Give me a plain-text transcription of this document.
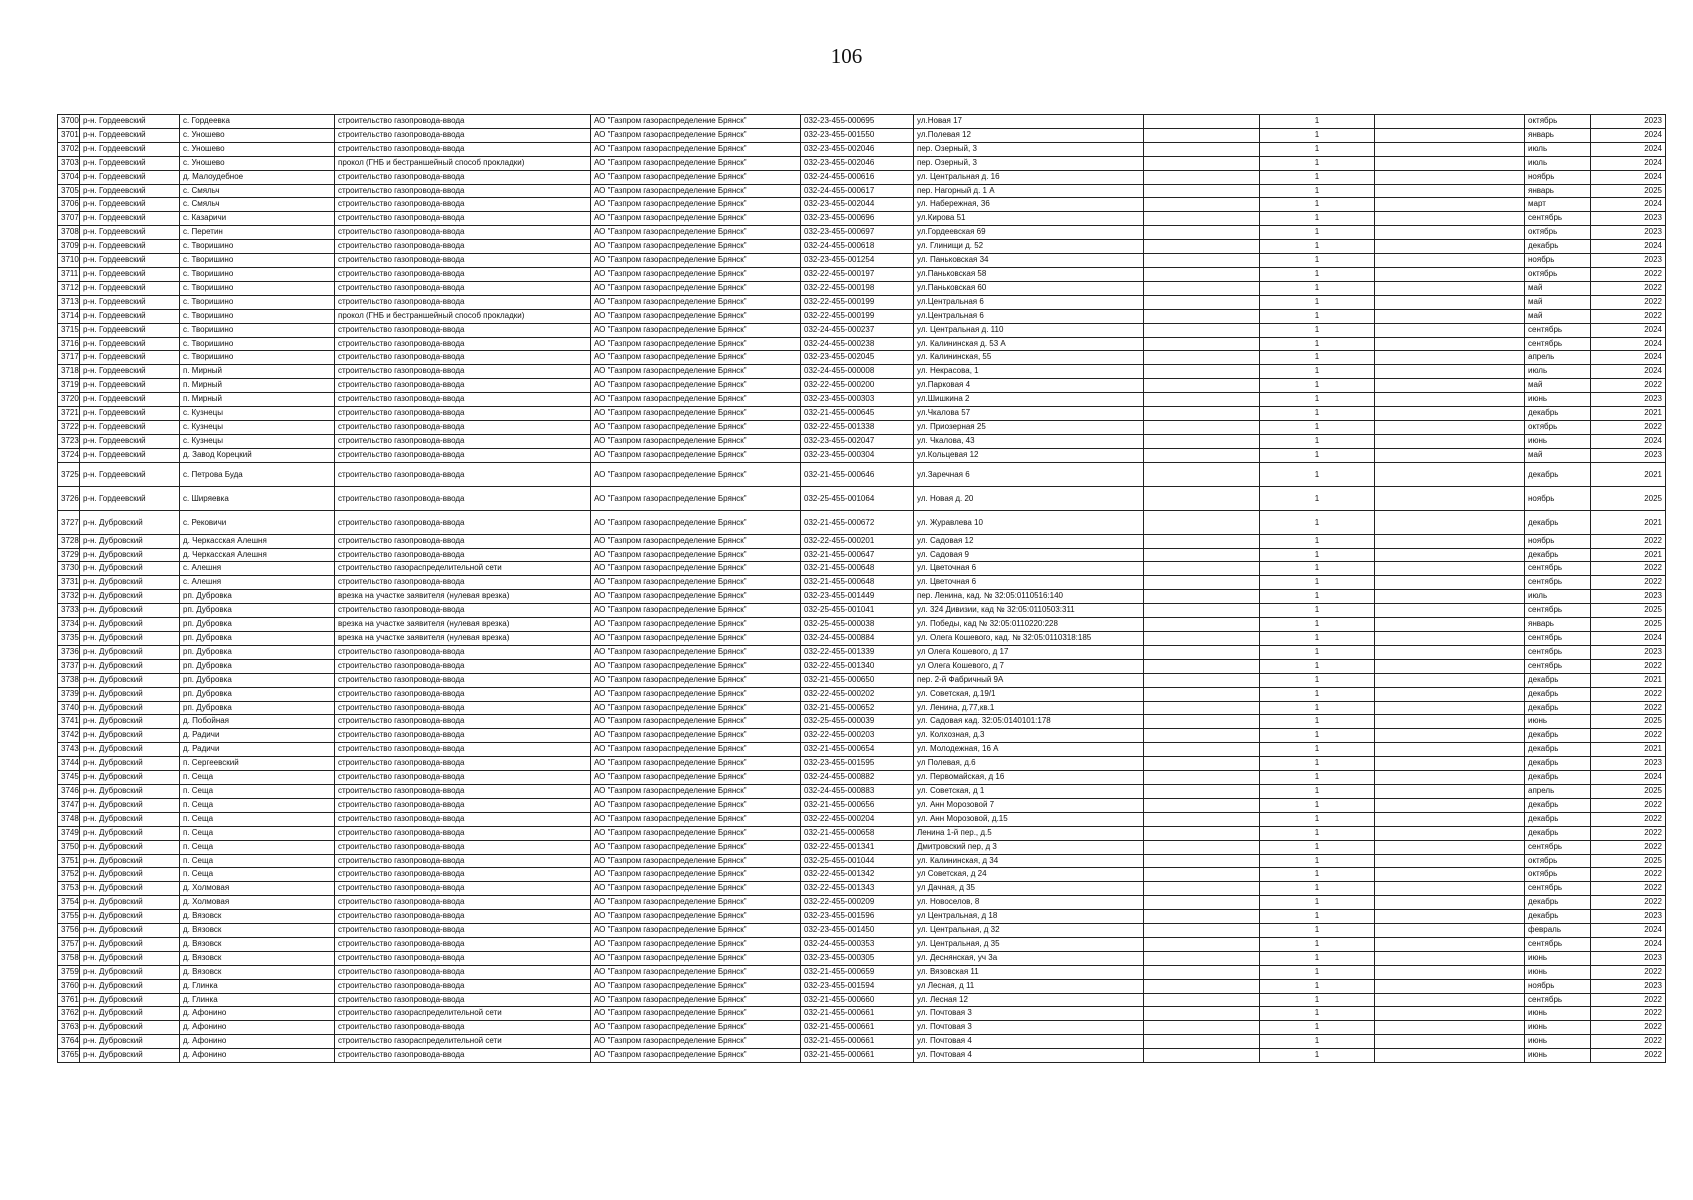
106
3700	р-н. Гордеевский	с. Гордеевка	строительство газопровода-ввода	АО "Газпром газораспределение Брянск"	032-23-455-000695	ул.Новая 17		1		октябрь	2023
3701	р-н. Гордеевский	с. Уношево	строительство газопровода-ввода	АО "Газпром газораспределение Брянск"	032-23-455-001550	ул.Полевая 12		1		январь	2024
3702	р-н. Гордеевский	с. Уношево	строительство газопровода-ввода	АО "Газпром газораспределение Брянск"	032-23-455-002046	пер. Озерный, 3		1		июль	2024
3703	р-н. Гордеевский	с. Уношево	прокол (ГНБ и бестраншейный способ прокладки)	АО "Газпром газораспределение Брянск"	032-23-455-002046	пер. Озерный, 3		1		июль	2024
3704	р-н. Гордеевский	д. Малоудебное	строительство газопровода-ввода	АО "Газпром газораспределение Брянск"	032-24-455-000616	ул. Центральная д. 16		1		ноябрь	2024
3705	р-н. Гордеевский	с. Смяльч	строительство газопровода-ввода	АО "Газпром газораспределение Брянск"	032-24-455-000617	пер. Нагорный д. 1 А		1		январь	2025
3706	р-н. Гордеевский	с. Смяльч	строительство газопровода-ввода	АО "Газпром газораспределение Брянск"	032-23-455-002044	ул. Набережная, 36		1		март	2024
3707	р-н. Гордеевский	с. Казаричи	строительство газопровода-ввода	АО "Газпром газораспределение Брянск"	032-23-455-000696	ул.Кирова 51		1		сентябрь	2023
3708	р-н. Гордеевский	с. Перетин	строительство газопровода-ввода	АО "Газпром газораспределение Брянск"	032-23-455-000697	ул.Гордеевская 69		1		октябрь	2023
3709	р-н. Гордеевский	с. Творишино	строительство газопровода-ввода	АО "Газпром газораспределение Брянск"	032-24-455-000618	ул. Глинищи д. 52		1		декабрь	2024
3710	р-н. Гордеевский	с. Творишино	строительство газопровода-ввода	АО "Газпром газораспределение Брянск"	032-23-455-001254	ул. Паньковская 34		1		ноябрь	2023
3711	р-н. Гордеевский	с. Творишино	строительство газопровода-ввода	АО "Газпром газораспределение Брянск"	032-22-455-000197	ул.Паньковская 58		1		октябрь	2022
3712	р-н. Гордеевский	с. Творишино	строительство газопровода-ввода	АО "Газпром газораспределение Брянск"	032-22-455-000198	ул.Паньковская 60		1		май	2022
3713	р-н. Гордеевский	с. Творишино	строительство газопровода-ввода	АО "Газпром газораспределение Брянск"	032-22-455-000199	ул.Центральная 6		1		май	2022
3714	р-н. Гордеевский	с. Творишино	прокол (ГНБ и бестраншейный способ прокладки)	АО "Газпром газораспределение Брянск"	032-22-455-000199	ул.Центральная 6		1		май	2022
3715	р-н. Гордеевский	с. Творишино	строительство газопровода-ввода	АО "Газпром газораспределение Брянск"	032-24-455-000237	ул. Центральная д. 110		1		сентябрь	2024
3716	р-н. Гордеевский	с. Творишино	строительство газопровода-ввода	АО "Газпром газораспределение Брянск"	032-24-455-000238	ул. Калининская д. 53 А		1		сентябрь	2024
3717	р-н. Гордеевский	с. Творишино	строительство газопровода-ввода	АО "Газпром газораспределение Брянск"	032-23-455-002045	ул. Калининская, 55		1		апрель	2024
3718	р-н. Гордеевский	п. Мирный	строительство газопровода-ввода	АО "Газпром газораспределение Брянск"	032-24-455-000008	ул. Некрасова, 1		1		июль	2024
3719	р-н. Гордеевский	п. Мирный	строительство газопровода-ввода	АО "Газпром газораспределение Брянск"	032-22-455-000200	ул.Парковая 4		1		май	2022
3720	р-н. Гордеевский	п. Мирный	строительство газопровода-ввода	АО "Газпром газораспределение Брянск"	032-23-455-000303	ул.Шишкина 2		1		июнь	2023
3721	р-н. Гордеевский	с. Кузнецы	строительство газопровода-ввода	АО "Газпром газораспределение Брянск"	032-21-455-000645	ул.Чкалова 57		1		декабрь	2021
3722	р-н. Гордеевский	с. Кузнецы	строительство газопровода-ввода	АО "Газпром газораспределение Брянск"	032-22-455-001338	ул. Приозерная 25		1		октябрь	2022
3723	р-н. Гордеевский	с. Кузнецы	строительство газопровода-ввода	АО "Газпром газораспределение Брянск"	032-23-455-002047	ул. Чкалова, 43		1		июнь	2024
3724	р-н. Гордеевский	д. Завод Корецкий	строительство газопровода-ввода	АО "Газпром газораспределение Брянск"	032-23-455-000304	ул.Кольцевая 12		1		май	2023
3725	р-н. Гордеевский	с. Петрова Буда	строительство газопровода-ввода	АО "Газпром газораспределение Брянск"	032-21-455-000646	ул.Заречная 6		1		декабрь	2021
3726	р-н. Гордеевский	с. Ширяевка	строительство газопровода-ввода	АО "Газпром газораспределение Брянск"	032-25-455-001064	ул. Новая д. 20		1		ноябрь	2025
3727	р-н. Дубровский	с. Рековичи	строительство газопровода-ввода	АО "Газпром газораспределение Брянск"	032-21-455-000672	ул. Журавлева 10		1		декабрь	2021
3728	р-н. Дубровский	д. Черкасская Алешня	строительство газопровода-ввода	АО "Газпром газораспределение Брянск"	032-22-455-000201	ул. Садовая 12		1		ноябрь	2022
3729	р-н. Дубровский	д. Черкасская Алешня	строительство газопровода-ввода	АО "Газпром газораспределение Брянск"	032-21-455-000647	ул. Садовая 9		1		декабрь	2021
3730	р-н. Дубровский	с. Алешня	строительство газораспределительной сети	АО "Газпром газораспределение Брянск"	032-21-455-000648	ул. Цветочная 6		1		сентябрь	2022
3731	р-н. Дубровский	с. Алешня	строительство газопровода-ввода	АО "Газпром газораспределение Брянск"	032-21-455-000648	ул. Цветочная 6		1		сентябрь	2022
3732	р-н. Дубровский	рп. Дубровка	врезка на участке заявителя (нулевая врезка)	АО "Газпром газораспределение Брянск"	032-23-455-001449	пер. Ленина, кад. № 32:05:0110516:140		1		июль	2023
3733	р-н. Дубровский	рп. Дубровка	строительство газопровода-ввода	АО "Газпром газораспределение Брянск"	032-25-455-001041	ул. 324 Дивизии, кад № 32:05:0110503:311		1		сентябрь	2025
3734	р-н. Дубровский	рп. Дубровка	врезка на участке заявителя (нулевая врезка)	АО "Газпром газораспределение Брянск"	032-25-455-000038	ул. Победы, кад № 32:05:0110220:228		1		январь	2025
3735	р-н. Дубровский	рп. Дубровка	врезка на участке заявителя (нулевая врезка)	АО "Газпром газораспределение Брянск"	032-24-455-000884	ул. Олега Кошевого, кад. № 32:05:0110318:185		1		сентябрь	2024
3736	р-н. Дубровский	рп. Дубровка	строительство газопровода-ввода	АО "Газпром газораспределение Брянск"	032-22-455-001339	ул Олега Кошевого, д 17		1		сентябрь	2023
3737	р-н. Дубровский	рп. Дубровка	строительство газопровода-ввода	АО "Газпром газораспределение Брянск"	032-22-455-001340	ул Олега Кошевого, д 7		1		сентябрь	2022
3738	р-н. Дубровский	рп. Дубровка	строительство газопровода-ввода	АО "Газпром газораспределение Брянск"	032-21-455-000650	пер. 2-й Фабричный 9А		1		декабрь	2021
3739	р-н. Дубровский	рп. Дубровка	строительство газопровода-ввода	АО "Газпром газораспределение Брянск"	032-22-455-000202	ул. Советская, д.19/1		1		декабрь	2022
3740	р-н. Дубровский	рп. Дубровка	строительство газопровода-ввода	АО "Газпром газораспределение Брянск"	032-21-455-000652	ул. Ленина, д.77,кв.1		1		декабрь	2022
3741	р-н. Дубровский	д. Побойная	строительство газопровода-ввода	АО "Газпром газораспределение Брянск"	032-25-455-000039	ул. Садовая кад. 32:05:0140101:178		1		июнь	2025
3742	р-н. Дубровский	д. Радичи	строительство газопровода-ввода	АО "Газпром газораспределение Брянск"	032-22-455-000203	ул. Колхозная, д.3		1		декабрь	2022
3743	р-н. Дубровский	д. Радичи	строительство газопровода-ввода	АО "Газпром газораспределение Брянск"	032-21-455-000654	ул. Молодежная, 16 А		1		декабрь	2021
3744	р-н. Дубровский	п. Сергеевский	строительство газопровода-ввода	АО "Газпром газораспределение Брянск"	032-23-455-001595	ул Полевая, д.6		1		декабрь	2023
3745	р-н. Дубровский	п. Сеща	строительство газопровода-ввода	АО "Газпром газораспределение Брянск"	032-24-455-000882	ул. Первомайская, д 16		1		декабрь	2024
3746	р-н. Дубровский	п. Сеща	строительство газопровода-ввода	АО "Газпром газораспределение Брянск"	032-24-455-000883	ул. Советская, д 1		1		апрель	2025
3747	р-н. Дубровский	п. Сеща	строительство газопровода-ввода	АО "Газпром газораспределение Брянск"	032-21-455-000656	ул. Анн Морозовой 7		1		декабрь	2022
3748	р-н. Дубровский	п. Сеща	строительство газопровода-ввода	АО "Газпром газораспределение Брянск"	032-22-455-000204	ул. Анн Морозовой, д.15		1		декабрь	2022
3749	р-н. Дубровский	п. Сеща	строительство газопровода-ввода	АО "Газпром газораспределение Брянск"	032-21-455-000658	Ленина 1-й пер., д.5		1		декабрь	2022
3750	р-н. Дубровский	п. Сеща	строительство газопровода-ввода	АО "Газпром газораспределение Брянск"	032-22-455-001341	Дмитровский пер, д 3		1		сентябрь	2022
3751	р-н. Дубровский	п. Сеща	строительство газопровода-ввода	АО "Газпром газораспределение Брянск"	032-25-455-001044	ул. Калининская, д 34		1		октябрь	2025
3752	р-н. Дубровский	п. Сеща	строительство газопровода-ввода	АО "Газпром газораспределение Брянск"	032-22-455-001342	ул Советская, д 24		1		октябрь	2022
3753	р-н. Дубровский	д. Холмовая	строительство газопровода-ввода	АО "Газпром газораспределение Брянск"	032-22-455-001343	ул Дачная, д 35		1		сентябрь	2022
3754	р-н. Дубровский	д. Холмовая	строительство газопровода-ввода	АО "Газпром газораспределение Брянск"	032-22-455-000209	ул. Новоселов, 8		1		декабрь	2022
3755	р-н. Дубровский	д. Вязовск	строительство газопровода-ввода	АО "Газпром газораспределение Брянск"	032-23-455-001596	ул Центральная, д 18		1		декабрь	2023
3756	р-н. Дубровский	д. Вязовск	строительство газопровода-ввода	АО "Газпром газораспределение Брянск"	032-23-455-001450	ул. Центральная, д 32		1		февраль	2024
3757	р-н. Дубровский	д. Вязовск	строительство газопровода-ввода	АО "Газпром газораспределение Брянск"	032-24-455-000353	ул. Центральная, д 35		1		сентябрь	2024
3758	р-н. Дубровский	д. Вязовск	строительство газопровода-ввода	АО "Газпром газораспределение Брянск"	032-23-455-000305	ул. Деснянская, уч 3а		1		июнь	2023
3759	р-н. Дубровский	д. Вязовск	строительство газопровода-ввода	АО "Газпром газораспределение Брянск"	032-21-455-000659	ул. Вязовская 11		1		июнь	2022
3760	р-н. Дубровский	д. Глинка	строительство газопровода-ввода	АО "Газпром газораспределение Брянск"	032-23-455-001594	ул Лесная, д 11		1		ноябрь	2023
3761	р-н. Дубровский	д. Глинка	строительство газопровода-ввода	АО "Газпром газораспределение Брянск"	032-21-455-000660	ул. Лесная 12		1		сентябрь	2022
3762	р-н. Дубровский	д. Афонино	строительство газораспределительной сети	АО "Газпром газораспределение Брянск"	032-21-455-000661	ул. Почтовая 3		1		июнь	2022
3763	р-н. Дубровский	д. Афонино	строительство газопровода-ввода	АО "Газпром газораспределение Брянск"	032-21-455-000661	ул. Почтовая 3		1		июнь	2022
3764	р-н. Дубровский	д. Афонино	строительство газораспределительной сети	АО "Газпром газораспределение Брянск"	032-21-455-000661	ул. Почтовая 4		1		июнь	2022
3765	р-н. Дубровский	д. Афонино	строительство газопровода-ввода	АО "Газпром газораспределение Брянск"	032-21-455-000661	ул. Почтовая 4		1		июнь	2022
